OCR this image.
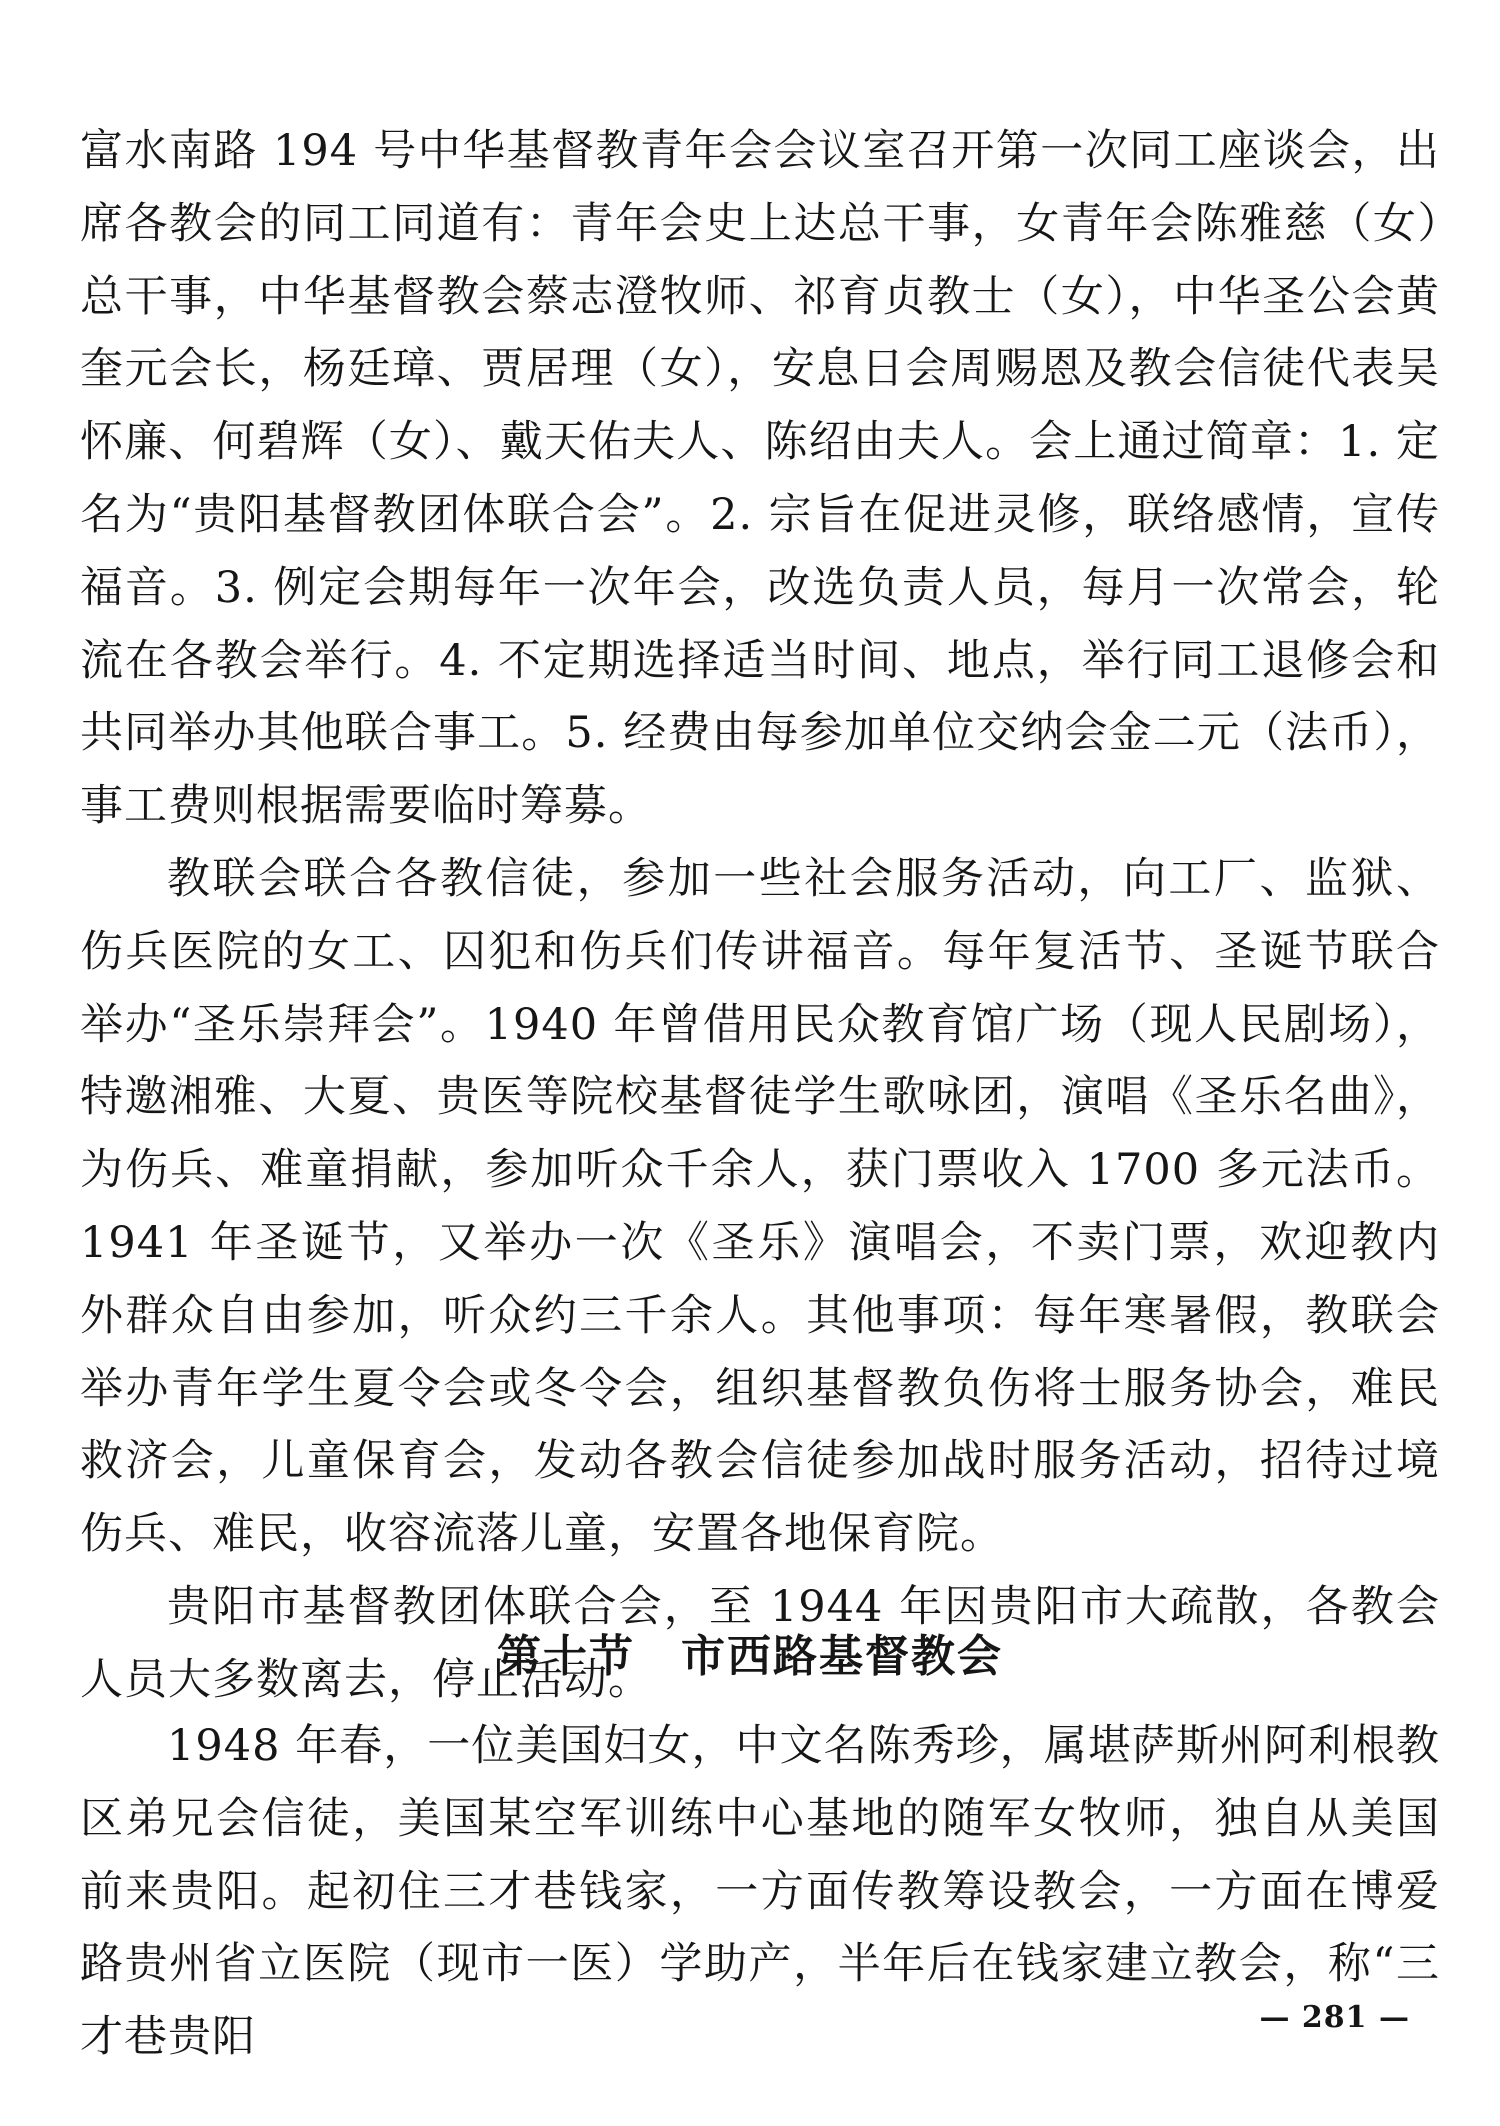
富水南路 194 号中华基督教青年会会议室召开第一次同工座谈会，出席各教会的同工同道有：青年会史上达总干事，女青年会陈雅慈（女）总干事，中华基督教会蔡志澄牧师、祁育贞教士（女），中华圣公会黄奎元会长，杨廷璋、贾居理（女），安息日会周赐恩及教会信徒代表吴怀廉、何碧辉（女）、戴天佑夫人、陈绍由夫人。会上通过简章：1. 定名为“贵阳基督教团体联合会”。2. 宗旨在促进灵修，联络感情，宣传福音。3. 例定会期每年一次年会，改选负责人员，每月一次常会，轮流在各教会举行。4. 不定期选择适当时间、地点，举行同工退修会和共同举办其他联合事工。5. 经费由每参加单位交纳会金二元（法币），事工费则根据需要临时筹募。

教联会联合各教信徒，参加一些社会服务活动，向工厂、监狱、伤兵医院的女工、囚犯和伤兵们传讲福音。每年复活节、圣诞节联合举办“圣乐崇拜会”。1940 年曾借用民众教育馆广场（现人民剧场），特邀湘雅、大夏、贵医等院校基督徒学生歌咏团，演唱《圣乐名曲》，为伤兵、难童捐献，参加听众千余人，获门票收入 1700 多元法币。1941 年圣诞节，又举办一次《圣乐》演唱会，不卖门票，欢迎教内外群众自由参加，听众约三千余人。其他事项：每年寒暑假，教联会举办青年学生夏令会或冬令会，组织基督教负伤将士服务协会，难民救济会，儿童保育会，发动各教会信徒参加战时服务活动，招待过境伤兵、难民，收容流落儿童，安置各地保育院。

贵阳市基督教团体联合会，至 1944 年因贵阳市大疏散，各教会人员大多数离去，停止活动。

第十节　市西路基督教会

1948 年春，一位美国妇女，中文名陈秀珍，属堪萨斯州阿利根教区弟兄会信徒，美国某空军训练中心基地的随军女牧师，独自从美国前来贵阳。起初住三才巷钱家，一方面传教筹设教会，一方面在博爱路贵州省立医院（现市一医）学助产，半年后在钱家建立教会，称“三才巷贵阳	— 281 —
